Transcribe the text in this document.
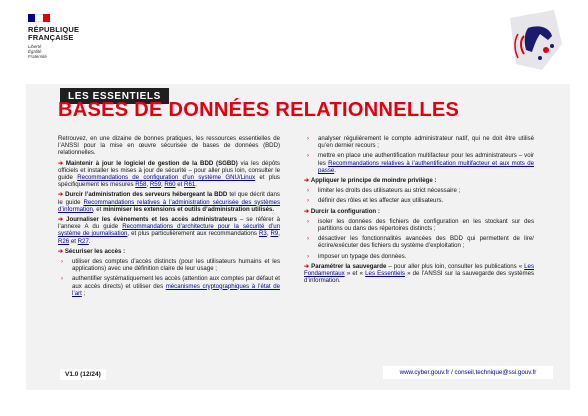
RÉPUBLIQUE
FRANÇAISE
Liberté
Égalité
Fraternité
LES ESSENTIELS
BASES DE DONNÉES RELATIONNELLES

Retrouvez, en une dizaine de bonnes pratiques, les ressources essentielles de l’ANSSI pour la mise en œuvre sécurisée de bases de données (BDD) relationnelles.

➔ Maintenir à jour le logiciel de gestion de la BDD (SGBD) via les dépôts officiels et installer les mises à jour de sécurité – pour aller plus loin, consulter le guide Recommandations de configuration d’un système GNU/Linux et plus spécifiquement les mesures R58, R59, R60 et R61.

➔ Durcir l’administration des serveurs hébergeant la BDD tel que décrit dans le guide Recommandations relatives à l’administration sécurisée des systèmes d’information, et minimiser les extensions et outils d’administration utilisés.

➔ Journaliser les évènements et les accès administrateurs – se référer à l’annexe A du guide Recommandations d’architecture pour la sécurité d’un système de journalisation, et plus particulièrement aux recommandations R3, R9, R26 et R27.

➔ Sécuriser les accès :

› utiliser des comptes d’accès distincts (pour les utilisateurs humains et les applications) avec une définition claire de leur usage ;
› authentifier systématiquement les accès (attention aux comptes par défaut et aux accès directs) et utiliser des mécanismes cryptographiques à l’état de l’art ;
› analyser régulièrement le compte administrateur natif, qui ne doit être utilisé qu’en dernier recours ;
› mettre en place une authentification multifacteur pour les administrateurs – voir les Recommandations relatives à l’authentification multifacteur et aux mots de passe.

➔ Appliquer le principe de moindre privilège :

› limiter les droits des utilisateurs au strict nécessaire ;
› définir des rôles et les affecter aux utilisateurs.

➔ Durcir la configuration :

› isoler les données des fichiers de configuration en les stockant sur des partitions ou dans des répertoires distincts ;
› désactiver les fonctionnalités avancées des BDD qui permettent de lire/écrire/exécuter des fichiers du système d’exploitation ;
› imposer un typage des données.

➔ Paramétrer la sauvegarde – pour aller plus loin, consulter les publications « Les Fondamentaux » et « Les Essentiels » de l’ANSSI sur la sauvegarde des systèmes d’information.

V1.0 (12/24)	www.cyber.gouv.fr / conseil.technique@ssi.gouv.fr
